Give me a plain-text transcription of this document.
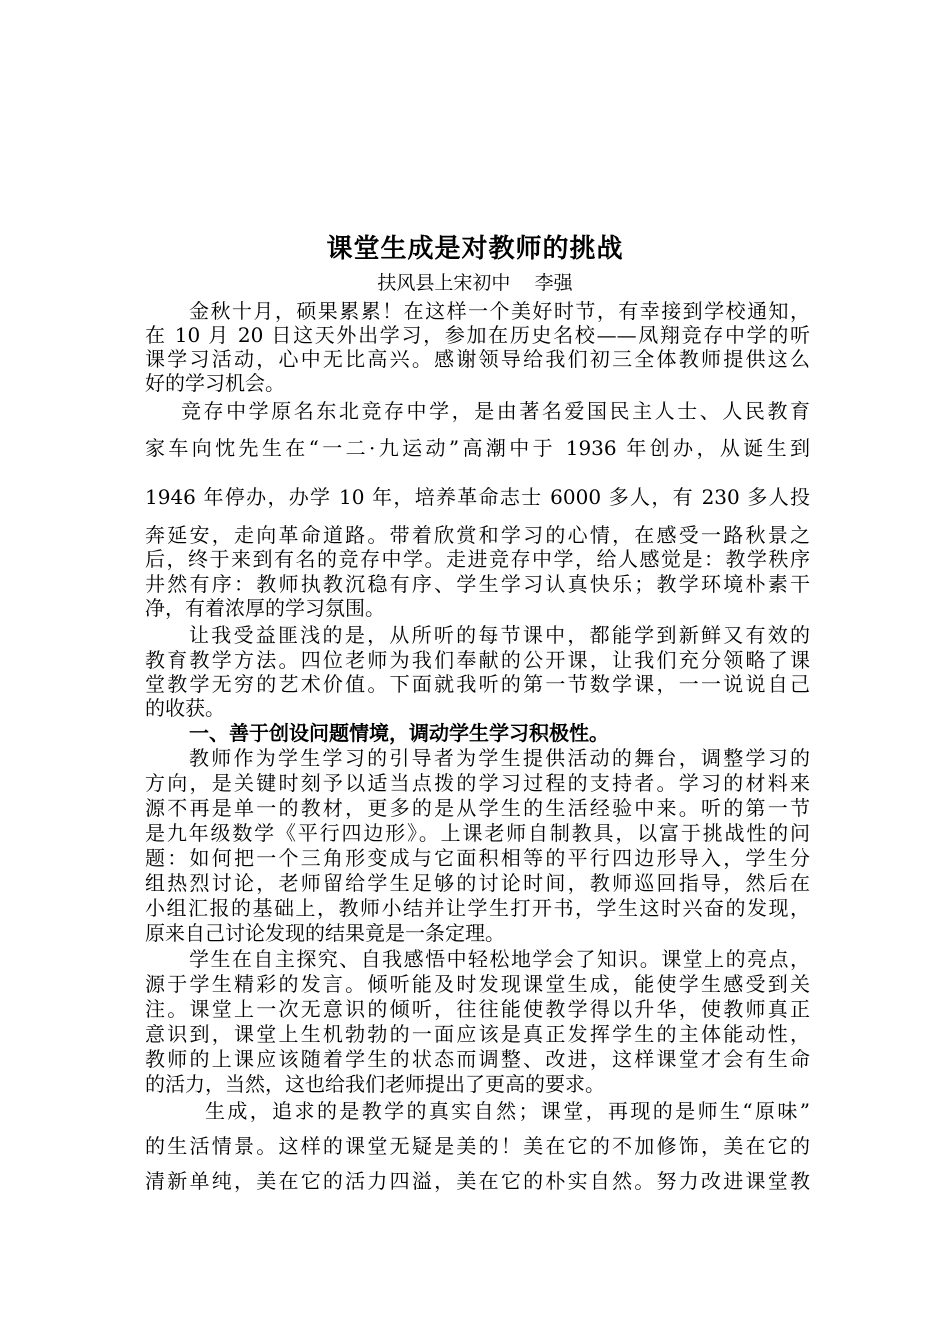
课堂生成是对教师的挑战
扶风县上宋初中    李强
金秋十月，硕果累累！在这样一个美好时节，有幸接到学校通知，
在 10 月 20 日这天外出学习，参加在历史名校——凤翔竞存中学的听
课学习活动，心中无比高兴。感谢领导给我们初三全体教师提供这么
好的学习机会。
竞存中学原名东北竞存中学，是由著名爱国民主人士、人民教育
家车向忱先生在“一二·九运动”高潮中于 1936 年创办，从诞生到
1946 年停办，办学 10 年，培养革命志士 6000 多人，有 230 多人投
奔延安，走向革命道路。带着欣赏和学习的心情，在感受一路秋景之
后，终于来到有名的竞存中学。走进竞存中学，给人感觉是：教学秩序
井然有序：教师执教沉稳有序、学生学习认真快乐；教学环境朴素干
净，有着浓厚的学习氛围。
让我受益匪浅的是，从所听的每节课中，都能学到新鲜又有效的
教育教学方法。四位老师为我们奉献的公开课，让我们充分领略了课
堂教学无穷的艺术价值。下面就我听的第一节数学课，一一说说自己
的收获。
一、善于创设问题情境，调动学生学习积极性。
教师作为学生学习的引导者为学生提供活动的舞台，调整学习的
方向，是关键时刻予以适当点拨的学习过程的支持者。学习的材料来
源不再是单一的教材，更多的是从学生的生活经验中来。听的第一节
是九年级数学《平行四边形》。上课老师自制教具，以富于挑战性的问
题：如何把一个三角形变成与它面积相等的平行四边形导入，学生分
组热烈讨论，老师留给学生足够的讨论时间，教师巡回指导，然后在
小组汇报的基础上，教师小结并让学生打开书，学生这时兴奋的发现，
原来自己讨论发现的结果竟是一条定理。
学生在自主探究、自我感悟中轻松地学会了知识。课堂上的亮点，
源于学生精彩的发言。倾听能及时发现课堂生成，能使学生感受到关
注。课堂上一次无意识的倾听，往往能使教学得以升华，使教师真正
意识到，课堂上生机勃勃的一面应该是真正发挥学生的主体能动性，
教师的上课应该随着学生的状态而调整、改进，这样课堂才会有生命
的活力，当然，这也给我们老师提出了更高的要求。
生成，追求的是教学的真实自然；课堂，再现的是师生“原味”
的生活情景。这样的课堂无疑是美的！美在它的不加修饰，美在它的
清新单纯，美在它的活力四溢，美在它的朴实自然。努力改进课堂教
